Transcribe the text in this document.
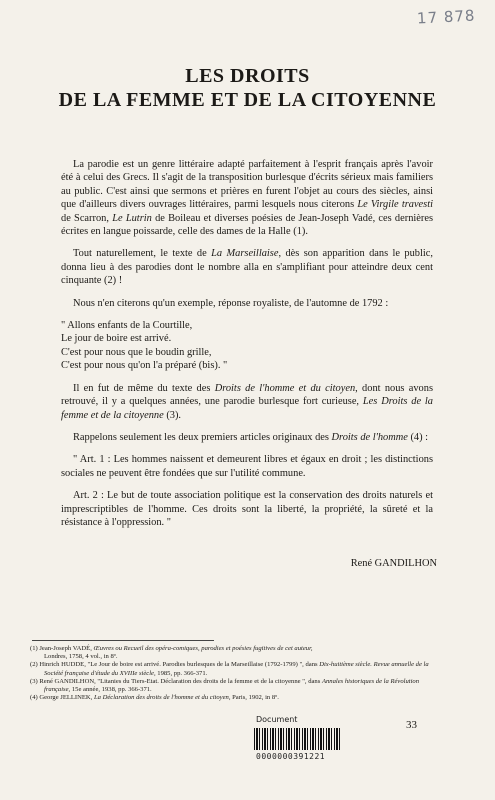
17 878
LES DROITS
DE LA FEMME ET DE LA CITOYENNE

La parodie est un genre littéraire adapté parfaitement à l'esprit français après l'avoir été à celui des Grecs. Il s'agit de la transposition burlesque d'écrits sérieux mais familiers au public. C'est ainsi que sermons et prières en furent l'objet au cours des siècles, ainsi que d'ailleurs divers ouvrages littéraires, parmi lesquels nous citerons Le Virgile travesti de Scarron, Le Lutrin de Boileau et diverses poésies de Jean-Joseph Vadé, ces dernières écrites en langue poissarde, celle des dames de la Halle (1).

Tout naturellement, le texte de La Marseillaise, dès son apparition dans le public, donna lieu à des parodies dont le nombre alla en s'amplifiant pour atteindre deux cent cinquante (2) !

Nous n'en citerons qu'un exemple, réponse royaliste, de l'automne de 1792 :

" Allons enfants de la Courtille,
Le jour de boire est arrivé.
C'est pour nous que le boudin grille,
C'est pour nous qu'on l'a préparé (bis). "

Il en fut de même du texte des Droits de l'homme et du citoyen, dont nous avons retrouvé, il y a quelques années, une parodie burlesque fort curieuse, Les Droits de la femme et de la citoyenne (3).

Rappelons seulement les deux premiers articles originaux des Droits de l'homme (4) :

" Art. 1 : Les hommes naissent et demeurent libres et égaux en droit ; les distinctions sociales ne peuvent être fondées que sur l'utilité commune.

Art. 2 : Le but de toute association politique est la conservation des droits naturels et imprescriptibles de l'homme. Ces droits sont la liberté, la propriété, la sûreté et la résistance à l'oppression. "

René GANDILHON
(1) Jean-Joseph VADÉ, Œuvres ou Recueil des opéra-comiques, parodies et poésies fugitives de cet auteur,
Londres, 1758, 4 vol., in 8º.
(2) Hinrich HUDDE, "Le Jour de boire est arrivé. Parodies burlesques de la Marseillaise (1792-1799) ", dans Dix-huitième siècle. Revue annuelle de la Société française d'étude du XVIIIe siècle, 1985, pp. 366-371.
(3) René GANDILHON, "Litanies du Tiers-Etat. Déclaration des droits de la femme et de la citoyenne ", dans Annales historiques de la Révolution française, 15e année, 1938, pp. 366-371.
(4) George JELLINEK, La Déclaration des droits de l'homme et du citoyen, Paris, 1902, in 8º.
Document
0000000391221
33
